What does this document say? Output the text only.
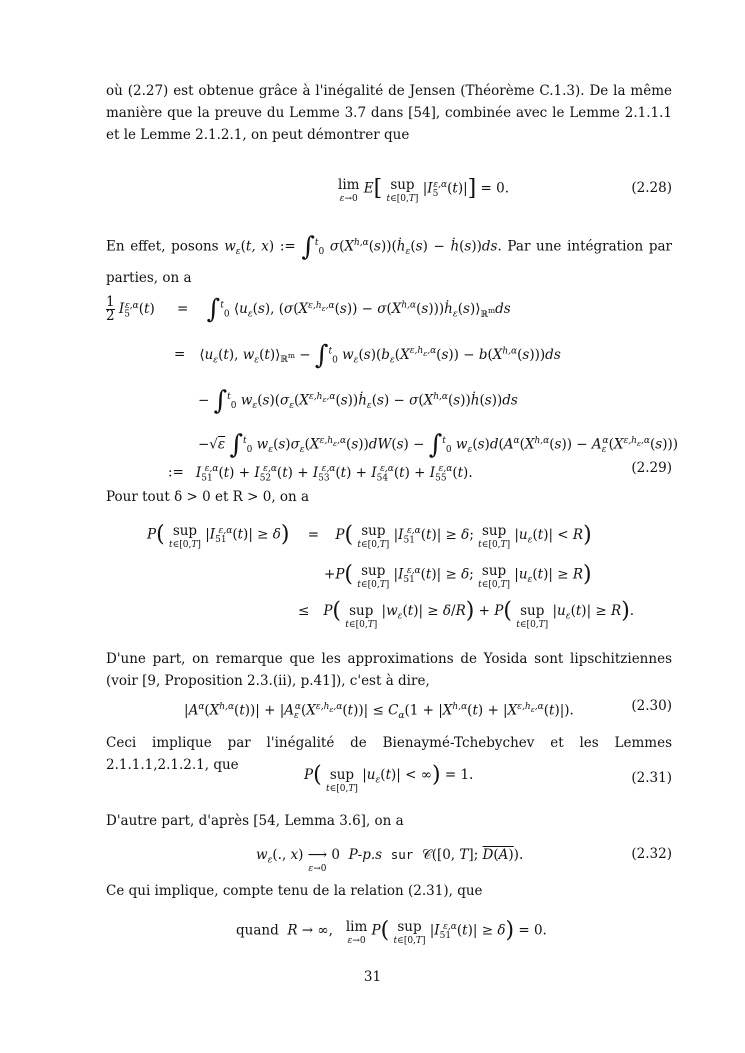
où (2.27) est obtenue grâce à l'inégalité de Jensen (Théorème C.1.3). De la même manière que la preuve du Lemme 3.7 dans [54], combinée avec le Lemme 2.1.1.1 et le Lemme 2.1.2.1, on peut démontrer que
lim
ε→0
E[ sup
t∈[0,T]
$|I_5^{\varepsilon,\alpha}(t)|] = 0$.	(2.28)
En effet, posons $w_\varepsilon(t$, x) := ∫$^t_0$ $\sigma(X^{h,\alpha}(s))(ḣ_\varepsilon(s)$ − ḣ(s))ds. Par une intégration par parties, on a
$\frac{1}{2} I_5^{\varepsilon,\alpha}(t) = \int^t_0$ $⟨u_\varepsilon(s)$, ($\sigma(X^{\varepsilon,h_\varepsilon,\alpha}(s))$ − $\sigma(X^{h,\alpha}(s)))ḣ_\varepsilon(s)⟩_{ℝ^m}ds$
= $⟨u_\varepsilon(t)$, $w_\varepsilon(t)⟩_{ℝ^m} - \int^t_0$ $w_\varepsilon(s)(b_\varepsilon(X^{\varepsilon,h_\varepsilon,\alpha}(s)) - b(X^{h,\alpha}(s)))ds$
− ∫$^t_0$ $w_\varepsilon(s)(\sigma_\varepsilon(X^{\varepsilon,h_\varepsilon,\alpha}(s))ḣ_\varepsilon(s)$ − $\sigma(X^{h,\alpha}(s))ḣ(s))ds$
−√ε ∫$^t_0$ $w_\varepsilon(s)\sigma_\varepsilon(X^{\varepsilon,h_\varepsilon,\alpha}(s))dW(s) - \int^t_0$ $w_\varepsilon(s)d(A^\alpha(X^{h,\alpha}(s)) - A_\varepsilon^\alpha(X^{\varepsilon,h_\varepsilon,\alpha}(s)))$
:= $I_{51}^{\varepsilon,\alpha}(t) + I_{52}^{\varepsilon,\alpha}(t) + I_{53}^{\varepsilon,\alpha}(t) + I_{54}^{\varepsilon,\alpha}(t) + I_{55}^{\varepsilon,\alpha}(t)$.	(2.29)
Pour tout δ > 0 et R > 0, on a
P( sup
t∈[0,T]
$|I_{51}^{\varepsilon,\alpha}(t)| \ge \delta) = P$( sup
t∈[0,T]
$|I_{51}^{\varepsilon,\alpha}(t)| \ge \delta$; sup
t∈[0,T]
$|u_\varepsilon(t)| < R$)
+P( sup
t∈[0,T]
$|I_{51}^{\varepsilon,\alpha}(t)| \ge \delta$; sup
t∈[0,T]
$|u_\varepsilon(t)| \ge R$)
≤ P( sup
t∈[0,T]
$|w_\varepsilon(t)| \ge \delta/R) + P$( sup
t∈[0,T]
$|u_\varepsilon(t)| \ge R$).
D'une part, on remarque que les approximations de Yosida sont lipschitziennes (voir [9, Proposition 2.3.(ii), p.41]), c'est à dire,
$|A^\alpha(X^{h,\alpha}(t))| + |A_\varepsilon^\alpha(X^{\varepsilon,h_\varepsilon,\alpha}(t))| \le C_\alpha(1 + |X^{h,\alpha}(t) + |X^{\varepsilon,h_\varepsilon,\alpha}(t)|)$.	(2.30)
Ceci implique par l'inégalité de Bienaymé-Tchebychev et les Lemmes 2.1.1.1,2.1.2.1, que
P( sup
t∈[0,T]
$|u_\varepsilon(t)|$ < ∞) = 1.	(2.31)
D'autre part, d'après [54, Lemma 3.6], on a
$w_\varepsilon$(., x) ⟶
ε→0
0  P-p.s sur  𝒞([0, T]; D(A)).	(2.32)
Ce qui implique, compte tenu de la relation (2.31), que
quand R → ∞,   lim
ε→0
P( sup
t∈[0,T]
$|I_{51}^{\varepsilon,\alpha}(t)| \ge \delta) = 0$.
31
